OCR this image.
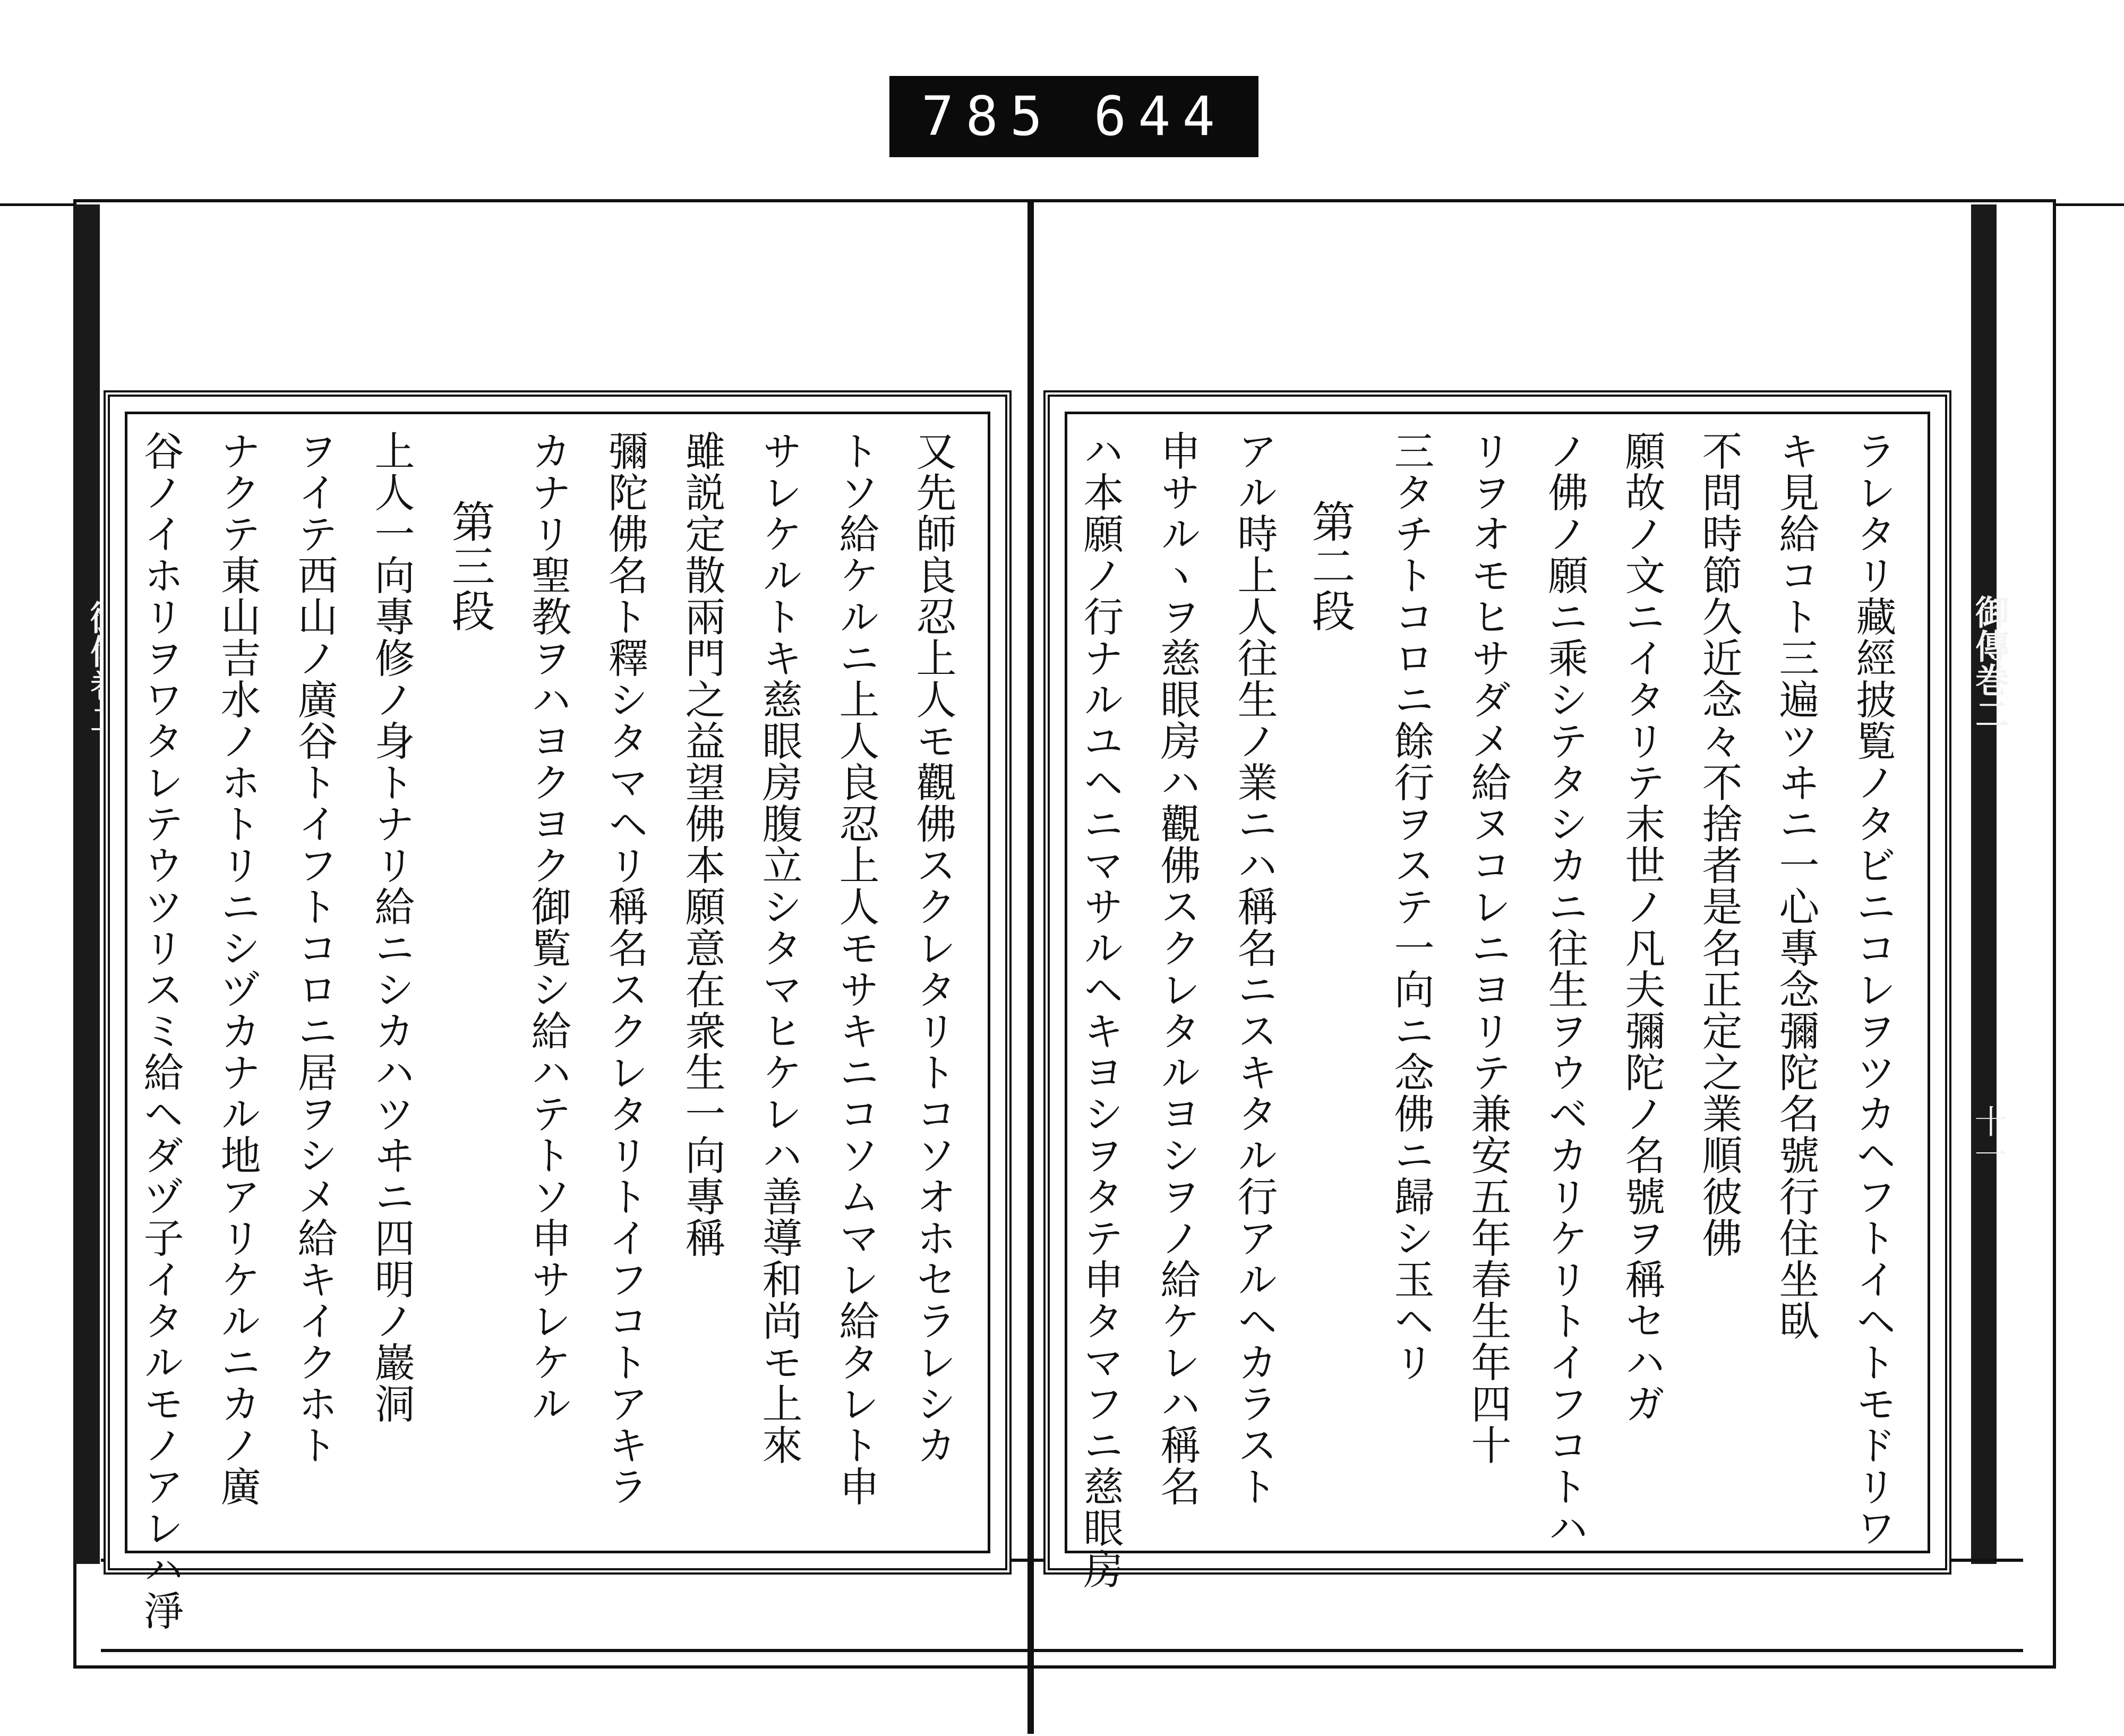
785 644
谷ノイホリヲワタレテウツリスミ給ヘダヅ子イタルモノアレハ淨 ナクテ東山吉水ノホトリニシヅカナル地アリケルニカノ廣 ヲイテ西山ノ廣谷トイフトコロニ居ヲシメ給キイクホト 上人一向專修ノ身トナリ給ニシカハツヰニ四明ノ巖洞 第三段 カナリ聖教ヲハヨクヨク御覧シ給ハテトソ申サレケル 彌陀佛名ト釋シタマヘリ稱名スクレタリトイフコトアキラ 雖説定散兩門之益望佛本願意在衆生一向專稱 サレケルトキ慈眼房腹立シタマヒケレハ善導和尚モ上來 トソ給ケルニ上人良忍上人モサキニコソムマレ給タレト申 又先師良忍上人モ觀佛スクレタリトコソオホセラレシカ	ラレタリ藏經披覧ノタビニコレヲツカヘフトイヘトモドリワ
キ見給コト三遍ツヰニ一心專念彌陀名號行住坐臥
不問時節久近念々不捨者是名正定之業順彼佛
願故ノ文ニイタリテ末世ノ凡夫彌陀ノ名號ヲ稱セハガ
ノ佛ノ願ニ乘シテタシカニ往生ヲウベカリケリトイフコトハ
リヲオモヒサダメ給ヌコレニヨリテ兼安五年春生年四十
三タチトコロニ餘行ヲステ一向ニ念佛ニ歸シ玉ヘリ
第二段
アル時上人往生ノ業ニハ稱名ニスキタル行アルヘカラスト
申サルヽヲ慈眼房ハ觀佛スクレタルヨシヲノ給ケレハ稱名
ハ本願ノ行ナルユヘニマサルヘキヨシヲタテ申タマフニ慈眼房	御傳巻二
十一
